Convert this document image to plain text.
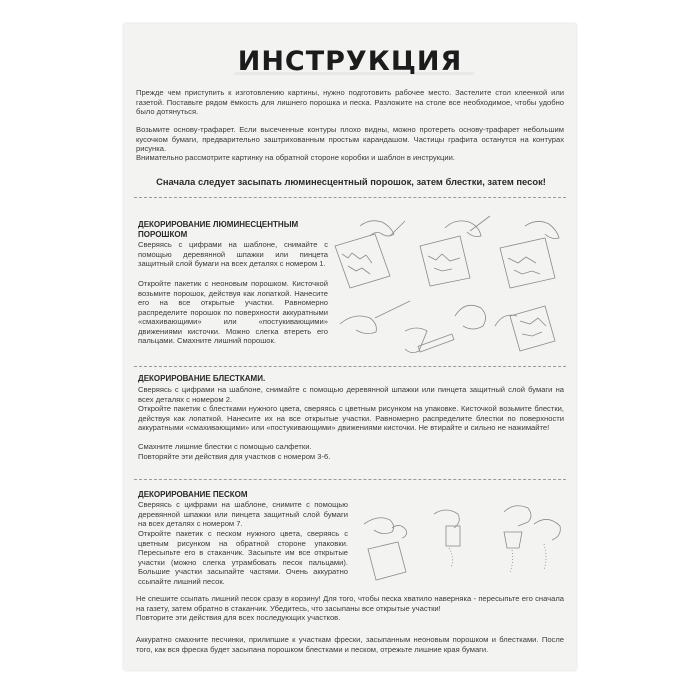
ИНСТРУКЦИЯ
Прежде чем приступить к изготовлению картины, нужно подготовить рабочее место. Застелите стол клеенкой или газетой. Поставьте рядом ёмкость для лишнего порошка и песка. Разложите на столе все необходимое, чтобы удобно было дотянуться.
Возьмите основу-трафарет. Если высеченные контуры плохо видны, можно протереть основу-трафарет небольшим кусочком бумаги, предварительно заштрихованным простым карандашом. Частицы графита останутся на контурах рисунка.
Внимательно рассмотрите картинку на обратной стороне коробки и шаблон в инструкции.
Сначала следует засыпать люминесцентный порошок, затем блестки, затем песок!
ДЕКОРИРОВАНИЕ ЛЮМИНЕСЦЕНТНЫМ ПОРОШКОМ
Сверяясь с цифрами на шаблоне, снимайте с помощью деревянной шпажки или пинцета защитный слой бумаги на всех деталях с номером 1.
Откройте пакетик с неоновым порошком. Кисточкой возьмите порошок, действуя как лопаткой. Нанесите его на все открытые участки. Равномерно распределите порошок по поверхности аккуратными «смахивающими» или «постукивающими» движениями кисточки. Можно слегка втереть его пальцами. Смахните лишний порошок.
ДЕКОРИРОВАНИЕ БЛЕСТКАМИ.
Сверяясь с цифрами на шаблоне, снимайте с помощью деревянной шпажки или пинцета защитный слой бумаги на всех деталях с номером 2.
Откройте пакетик с блестками нужного цвета, сверяясь с цветным рисунком на упаковке. Кисточкой возьмите блестки, действуя как лопаткой. Нанесите их на все открытые участки. Равномерно распределите блестки по поверхности аккуратными «смахивающими» или «постукивающими» движениями кисточки. Не втирайте и сильно не нажимайте!
Смахните лишние блестки с помощью салфетки.
Повторяйте эти действия для участков с номером 3-6.
ДЕКОРИРОВАНИЕ ПЕСКОМ
Сверяясь с цифрами на шаблоне, снимите с помощью деревянной шпажки или пинцета защитный слой бумаги на всех деталях с номером 7.
Откройте пакетик с песком нужного цвета, сверяясь с цветным рисунком на обратной стороне упаковки. Пересыпьте его в стаканчик. Засыпьте им все открытые участки (можно слегка утрамбовать песок пальцами). Большие участки засыпайте частями. Очень аккуратно ссыпайте лишний песок.
Не спешите ссыпать лишний песок сразу в корзину! Для того, чтобы песка хватило наверняка - пересыпьте его сначала на газету, затем обратно в стаканчик. Убедитесь, что засыпаны все открытые участки!
Повторите эти действия для всех последующих участков.
Аккуратно смахните песчинки, прилипшие к участкам фрески, засыпанным неоновым порошком и блестками. После того, как вся фреска будет засыпана порошком блестками и песком, отрежьте лишние края бумаги.
